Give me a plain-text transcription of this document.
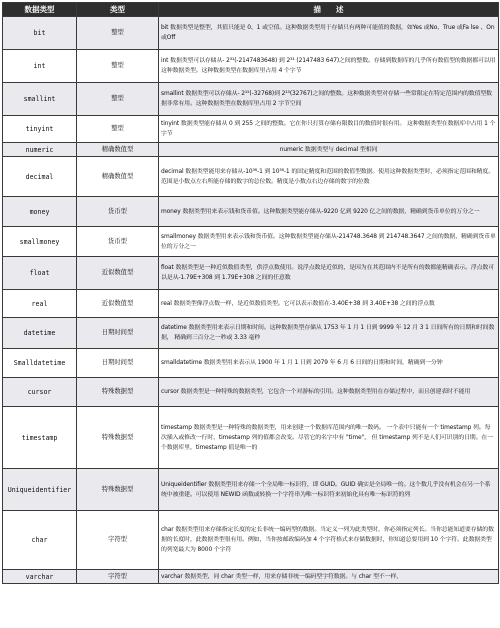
数据类型	类型	描　　述
bit	整型	bit 数据类型是整型，其值只能是 0、1 或空值。这种数据类型用于存储只有两种可能值的数据，如Yes 或No、True 或Fa lse 、On 或Off
int	整型	int 数据类型可以存储从- 2³¹(-2147483648) 到 2³¹ (2147483 647)之间的整数。存储到数据库的几乎所有数值型的数据都可以用这种数据类型。这种数据类型在数据库里占用 4 个字节
smallint	整型	smallint 数据类型可以存储从- 2¹⁵(-32768)到 2¹⁵(32767)之间的整数。这种数据类型对存储一些常限定在特定范围内的数值型数据非常有用。这种数据类型在数据库里占用 2 字节空间
tinyint	整型	tinyint 数据类型能存储从 0 到 255 之间的整数。它在你只打算存储有限数目的数值时很有用。 这种数据类型在数据库中占用 1 个字节
numeric	精确数值型	numeric 数据类型与 decimal 型相同
decimal	精确数值型	decimal 数据类型能用来存储从-10³⁸-1 到 10³⁸-1 的固定精度和范围的数值型数据。使用这种数据类型时，必须指定范围和精度。 范围是小数点左右所能存储的数字的总位数。精度是小数点右边存储的数字的位数
money	货币型	money 数据类型用来表示钱和货币值。这种数据类型能存储从-9220 亿到 9220 亿之间的数据，精确到货币单位的万分之一
smallmoney	货币型	smallmoney 数据类型用来表示钱和货币值。这种数据类型能存储从-214748.3648 到 214748.3647 之间的数据，精确到货币单位的万分之一
float	近似数值型	float 数据类型是一种近似数值类型，供浮点数使用。说浮点数是近似的，是因为在其范围内不是所有的数都能精确表示。浮点数可以是从-1.79E+308 到 1.79E+308 之间的任意数
real	近似数值型	real 数据类型像浮点数一样，是近似数值类型。它可以表示数值在-3.40E+38 到 3.40E+38 之间的浮点数
datetime	日期时间型	datetime 数据类型用来表示日期和时间。这种数据类型存储从 1753 年 1 月 1 日到 9999 年 12 月 3 1 日间所有的日期和时间数据， 精确到三百分之一秒或 3.33 毫秒
Smalldatetime	日期时间型	smalldatetime 数据类型用来表示从 1900 年 1 月 1 日到 2079 年 6 月 6 日间的日期和时间，精确到一分钟
cursor	特殊数据型	cursor 数据类型是一种特殊的数据类型，它包含一个对游标的引用。这种数据类型用在存储过程中，而且创建表时不能用
timestamp	特殊数据型	timestamp 数据类型是一种特殊的数据类型，用来创建一个数据库范围内的唯一数码。 一个表中只能有一个 timestamp 列。每次插入或修改一行时，timestamp 列的值都会改变。尽管它的名字中有 "time"， 但 timestamp 列不是人们可识别的日期。在一个数据库里，timestamp 值是唯一的
Uniqueidentifier	特殊数据型	Uniqueidentifier 数据类型用来存储一个全局唯一标识符，即 GUID。GUID 确实是全局唯一的。这个数几乎没有机会在另一个系统中被重建。可以使用 NEWID 函数或转换一个字符串为唯一标识符来初始化具有唯一标识符的列
char	字符型	char 数据类型用来存储指定长度的定长非统一编码型的数据。当定义一列为此类型时，你必须指定列长。当你总能知道要存储的数据的长度时，此数据类型很有用。例如，当你按邮政编码加 4 个字符格式来存储数据时，你知道总要用到 10 个字符。此数据类型的列宽最大为 8000 个字符
varchar	字符型	varchar 数据类型，同 char 类型一样，用来存储非统一编码型字符数据。与 char 型不一样，
